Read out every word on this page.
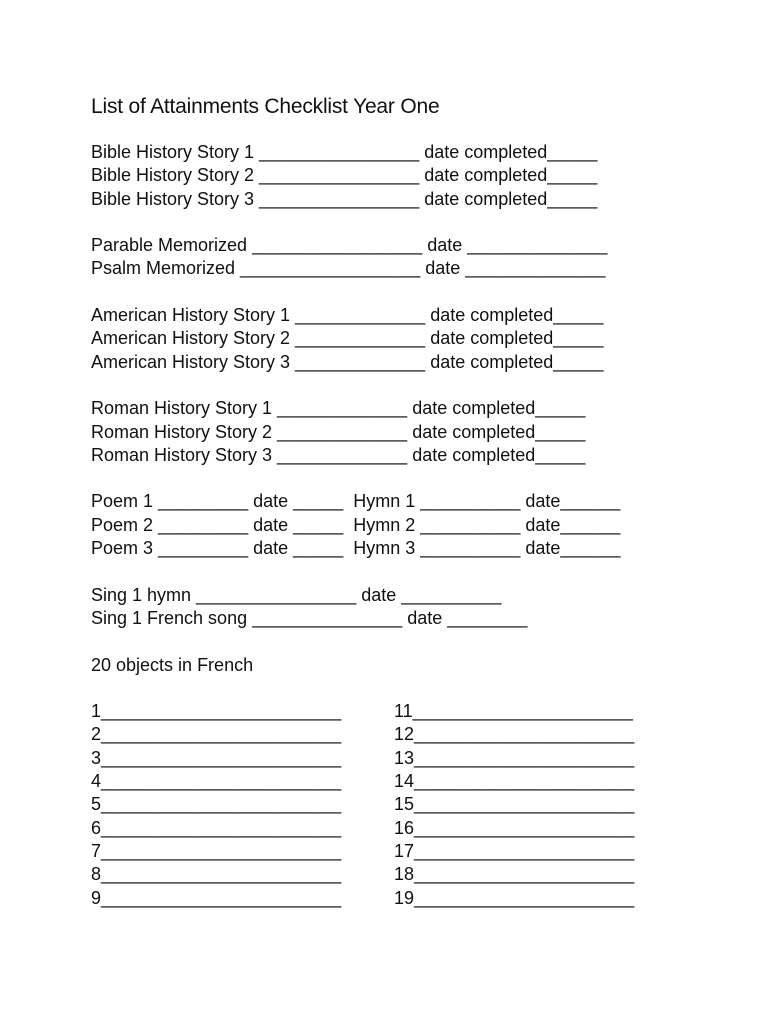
List of Attainments Checklist Year One
Bible History Story 1 ________________ date completed_____
Bible History Story 2 ________________ date completed_____
Bible History Story 3 ________________ date completed_____
Parable Memorized _________________ date ______________
Psalm Memorized __________________ date ______________
American History Story 1 _____________ date completed_____
American History Story 2 _____________ date completed_____
American History Story 3 _____________ date completed_____
Roman History Story 1 _____________ date completed_____
Roman History Story 2 _____________ date completed_____
Roman History Story 3 _____________ date completed_____
Poem 1 _________ date _____  Hymn 1 __________ date______
Poem 2 _________ date _____  Hymn 2 __________ date______
Poem 3 _________ date _____  Hymn 3 __________ date______
Sing 1 hymn ________________ date __________
Sing 1 French song _______________ date ________
20 objects in French
1________________________
2________________________
3________________________
4________________________
5________________________
6________________________
7________________________
8________________________
9________________________
11______________________
12______________________
13______________________
14______________________
15______________________
16______________________
17______________________
18______________________
19______________________
